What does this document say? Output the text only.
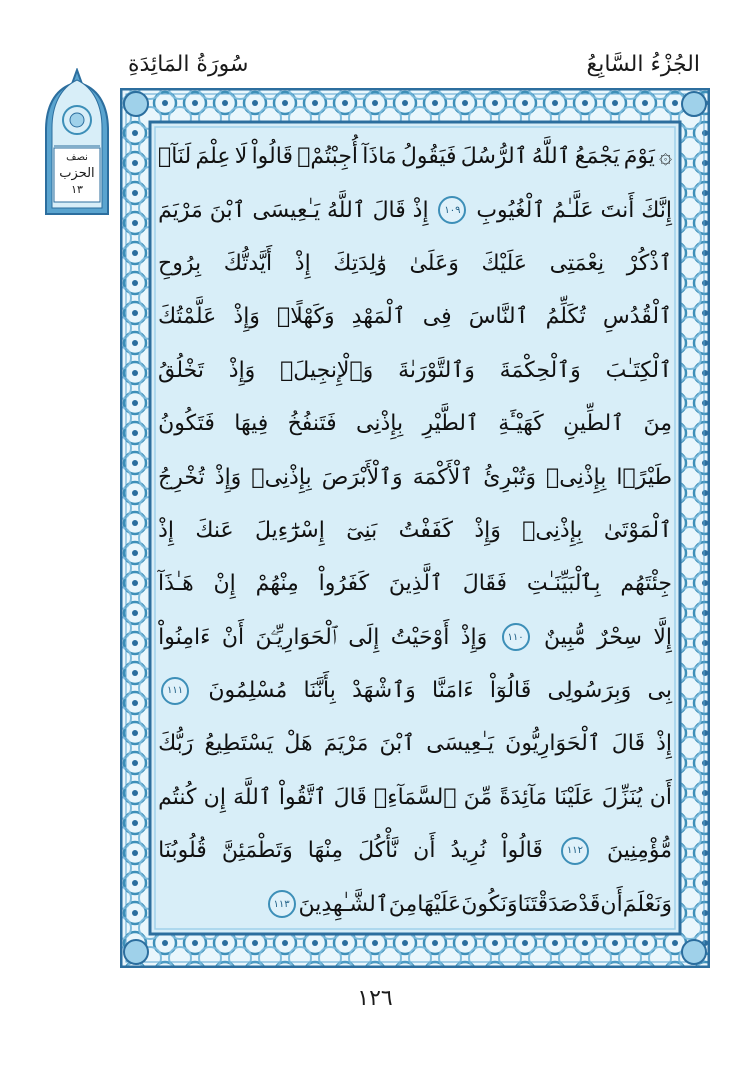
الجُزْءُ السَّابِعُ
سُورَةُ المَائِدَةِ
نصف
الحزب
١٣
۞
يَوْمَ
يَجْمَعُ
ٱللَّهُ
ٱلرُّسُلَ
فَيَقُولُ
مَاذَآ
أُجِبْتُمْۖ
قَالُواْ
لَا
عِلْمَ
لَنَآۖ
إِنَّكَ
أَنتَ
عَلَّـٰمُ
ٱلْغُيُوبِ
١٠٩
إِذْ
قَالَ
ٱللَّهُ
يَـٰعِيسَى
ٱبْنَ
مَرْيَمَ
ٱذْكُرْ
نِعْمَتِى
عَلَيْكَ
وَعَلَىٰ
وَٰلِدَتِكَ
إِذْ
أَيَّدتُّكَ
بِرُوحِ
ٱلْقُدُسِ
تُكَلِّمُ
ٱلنَّاسَ
فِى
ٱلْمَهْدِ
وَكَهْلًاۖ
وَإِذْ
عَلَّمْتُكَ
ٱلْكِتَـٰبَ
وَٱلْحِكْمَةَ
وَٱلتَّوْرَىٰةَ
وَٱلْإِنجِيلَۖ
وَإِذْ
تَخْلُقُ
مِنَ
ٱلطِّينِ
كَهَيْـَٔةِ
ٱلطَّيْرِ
بِإِذْنِى
فَتَنفُخُ
فِيهَا
فَتَكُونُ
طَيْرًۢا
بِإِذْنِىۖ
وَتُبْرِئُ
ٱلْأَكْمَهَ
وَٱلْأَبْرَصَ
بِإِذْنِىۖ
وَإِذْ
تُخْرِجُ
ٱلْمَوْتَىٰ
بِإِذْنِىۖ
وَإِذْ
كَفَفْتُ
بَنِىٓ
إِسْرَٰٓءِيلَ
عَنكَ
إِذْ
جِئْتَهُم
بِٱلْبَيِّنَـٰتِ
فَقَالَ
ٱلَّذِينَ
كَفَرُواْ
مِنْهُمْ
إِنْ
هَـٰذَآ
إِلَّا
سِحْرٌ
مُّبِينٌ
١١٠
وَإِذْ
أَوْحَيْتُ
إِلَى
ٱلْحَوَارِيِّـۧنَ
أَنْ
ءَامِنُواْ
بِى
وَبِرَسُولِى
قَالُوٓاْ
ءَامَنَّا
وَٱشْهَدْ
بِأَنَّنَا
مُسْلِمُونَ
١١١
إِذْ
قَالَ
ٱلْحَوَارِيُّونَ
يَـٰعِيسَى
ٱبْنَ
مَرْيَمَ
هَلْ
يَسْتَطِيعُ
رَبُّكَ
أَن
يُنَزِّلَ
عَلَيْنَا
مَآئِدَةً
مِّنَ
ٱلسَّمَآءِۖ
قَالَ
ٱتَّقُواْ
ٱللَّهَ
إِن
كُنتُم
مُّؤْمِنِينَ
١١٢
قَالُواْ
نُرِيدُ
أَن
نَّأْكُلَ
مِنْهَا
وَتَطْمَئِنَّ
قُلُوبُنَا
وَنَعْلَمَ
أَن
قَدْ
صَدَقْتَنَا
وَنَكُونَ
عَلَيْهَا
مِنَ
ٱلشَّـٰهِدِينَ
١١٣
١٢٦
